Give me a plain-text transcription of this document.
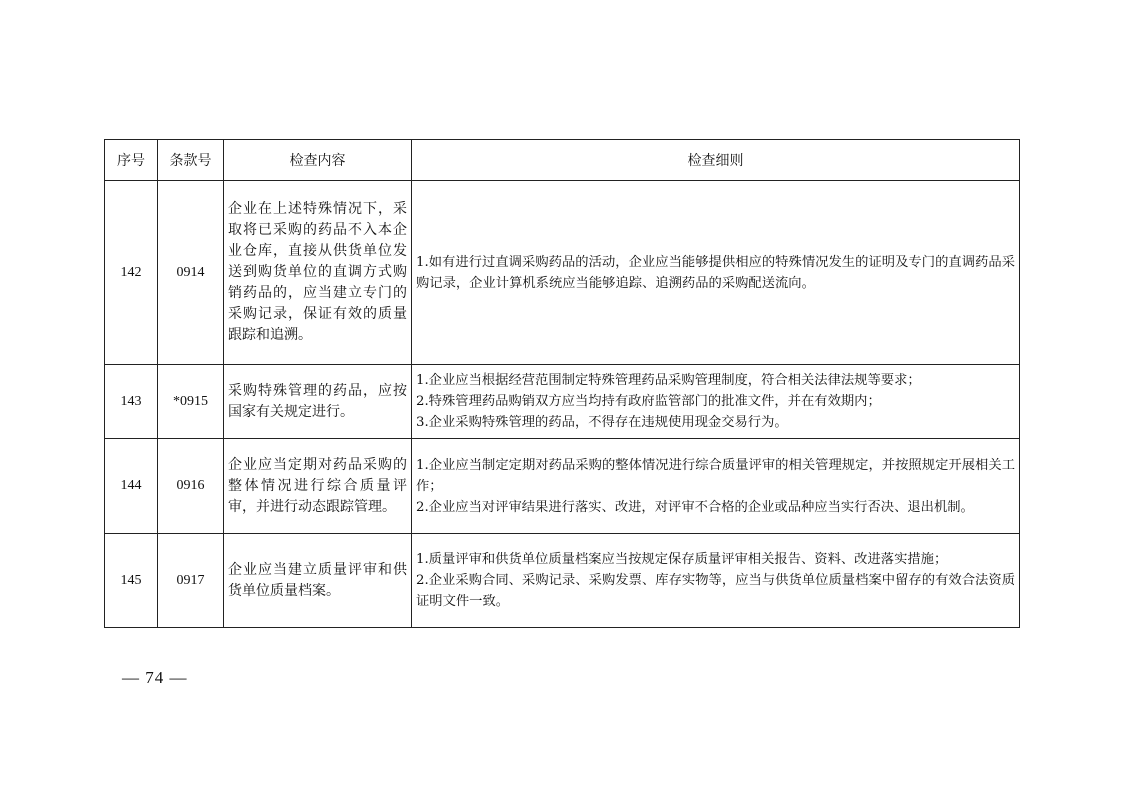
序号	条款号	检查内容	检查细则
142	0914	企业在上述特殊情况下，采取将已采购的药品不入本企业仓库，直接从供货单位发送到购货单位的直调方式购销药品的，应当建立专门的采购记录，保证有效的质量跟踪和追溯。	1.如有进行过直调采购药品的活动，企业应当能够提供相应的特殊情况发生的证明及专门的直调药品采购记录，企业计算机系统应当能够追踪、追溯药品的采购配送流向。

143	*0915	采购特殊管理的药品，应按国家有关规定进行。	1.企业应当根据经营范围制定特殊管理药品采购管理制度，符合相关法律法规等要求；
2.特殊管理药品购销双方应当均持有政府监管部门的批准文件，并在有效期内；
3.企业采购特殊管理的药品，不得存在违规使用现金交易行为。

144	0916	企业应当定期对药品采购的整体情况进行综合质量评审，并进行动态跟踪管理。	1.企业应当制定定期对药品采购的整体情况进行综合质量评审的相关管理规定，并按照规定开展相关工作；
2.企业应当对评审结果进行落实、改进，对评审不合格的企业或品种应当实行否决、退出机制。

145	0917	企业应当建立质量评审和供货单位质量档案。	1.质量评审和供货单位质量档案应当按规定保存质量评审相关报告、资料、改进落实措施；
2.企业采购合同、采购记录、采购发票、库存实物等，应当与供货单位质量档案中留存的有效合法资质证明文件一致。
— 74 —
